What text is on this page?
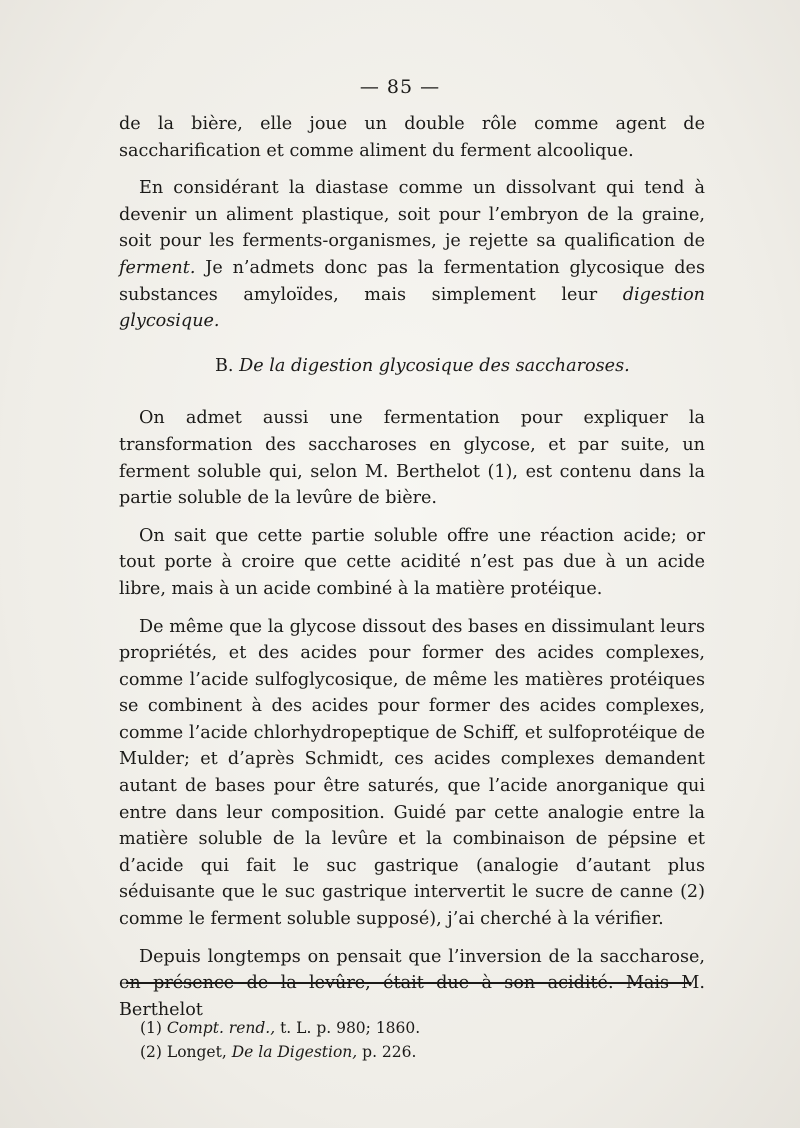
— 85 —

de la bière, elle joue un double rôle comme agent de saccharification et comme aliment du ferment alcoolique.

En considérant la diastase comme un dissolvant qui tend à devenir un aliment plastique, soit pour l’embryon de la graine, soit pour les ferments-organismes, je rejette sa qualification de ferment. Je n’admets donc pas la fermentation glycosique des substances amyloïdes, mais simplement leur digestion glycosique.

B. De la digestion glycosique des saccharoses.

On admet aussi une fermentation pour expliquer la transformation des saccharoses en glycose, et par suite, un ferment soluble qui, selon M. Berthelot (1), est contenu dans la partie soluble de la levûre de bière.

On sait que cette partie soluble offre une réaction acide; or tout porte à croire que cette acidité n’est pas due à un acide libre, mais à un acide combiné à la matière protéique.

De même que la glycose dissout des bases en dissimulant leurs propriétés, et des acides pour former des acides complexes, comme l’acide sulfoglycosique, de même les matières protéiques se combinent à des acides pour former des acides complexes, comme l’acide chlorhydropeptique de Schiff, et sulfoprotéique de Mulder; et d’après Schmidt, ces acides complexes demandent autant de bases pour être saturés, que l’acide anorganique qui entre dans leur composition. Guidé par cette analogie entre la matière soluble de la levûre et la combinaison de pépsine et d’acide qui fait le suc gastrique (analogie d’autant plus séduisante que le suc gastrique intervertit le sucre de canne (2) comme le ferment soluble supposé), j’ai cherché à la vérifier.

Depuis longtemps on pensait que l’inversion de la saccharose, en présence de la levûre, était due à son acidité. Mais M. Berthelot

(1) Compt. rend., t. L. p. 980; 1860.

(2) Longet, De la Digestion, p. 226.
